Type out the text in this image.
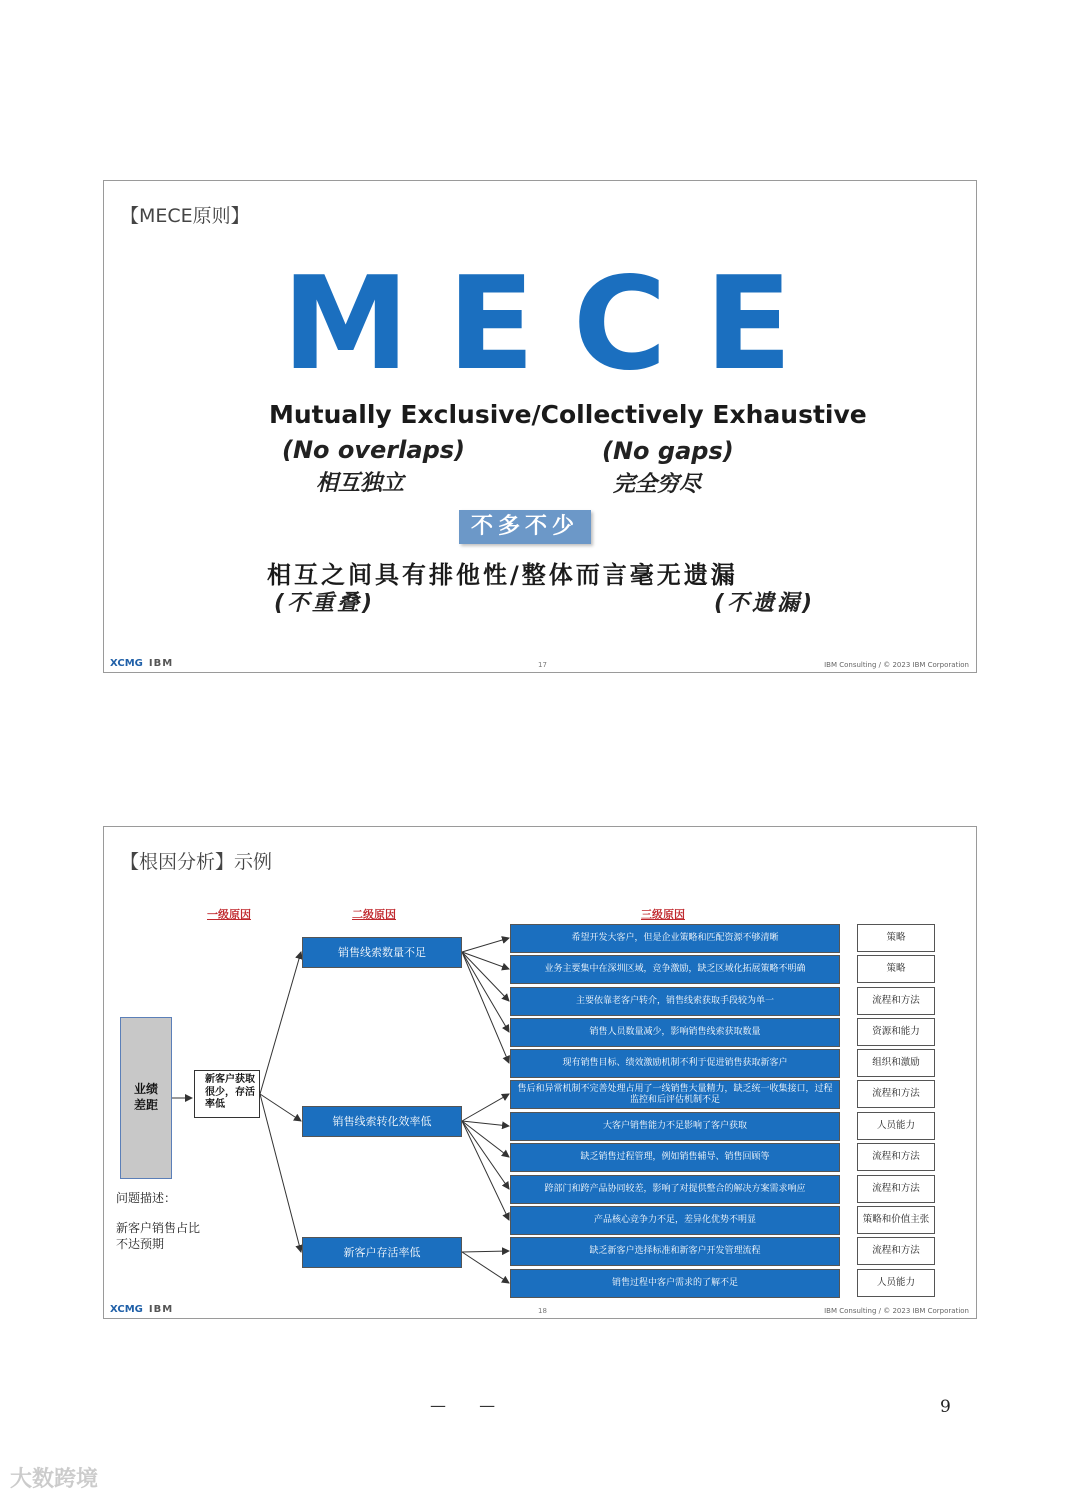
【MECE原则】
MECE
Mutually Exclusive/Collectively Exhaustive
(No overlaps)
相互独立
(No gaps)
完全穷尽
不多不少
相互之间具有排他性/整体而言毫无遗漏
(不重叠)	(不遗漏)
XCMG IBM	17	IBM Consulting / © 2023 IBM Corporation
【根因分析】示例
一级原因	二级原因	三级原因
业绩
差距
问题描述：
新客户销售占比不达预期
新客户获取很少，存活率低
销售线索数量不足
销售线索转化效率低
新客户存活率低
希望开发大客户，但是企业策略和匹配资源不够清晰
业务主要集中在深圳区域，竞争激励，缺乏区域化拓展策略不明确
主要依靠老客户转介，销售线索获取手段较为单一
销售人员数量减少，影响销售线索获取数量
现有销售目标、绩效激励机制不利于促进销售获取新客户
售后和异常机制不完善处理占用了一线销售大量精力，缺乏统一收集接口，过程监控和后评估机制不足
大客户销售能力不足影响了客户获取
缺乏销售过程管理，例如销售辅导、销售回顾等
跨部门和跨产品协同较差，影响了对提供整合的解决方案需求响应
产品核心竞争力不足，差异化优势不明显
缺乏新客户选择标准和新客户开发管理流程
销售过程中客户需求的了解不足
策略
策略
流程和方法
资源和能力
组织和激励
流程和方法
人员能力
流程和方法
流程和方法
策略和价值主张
流程和方法
人员能力
XCMG IBM	18	IBM Consulting / © 2023 IBM Corporation
— —	9
大数跨境
